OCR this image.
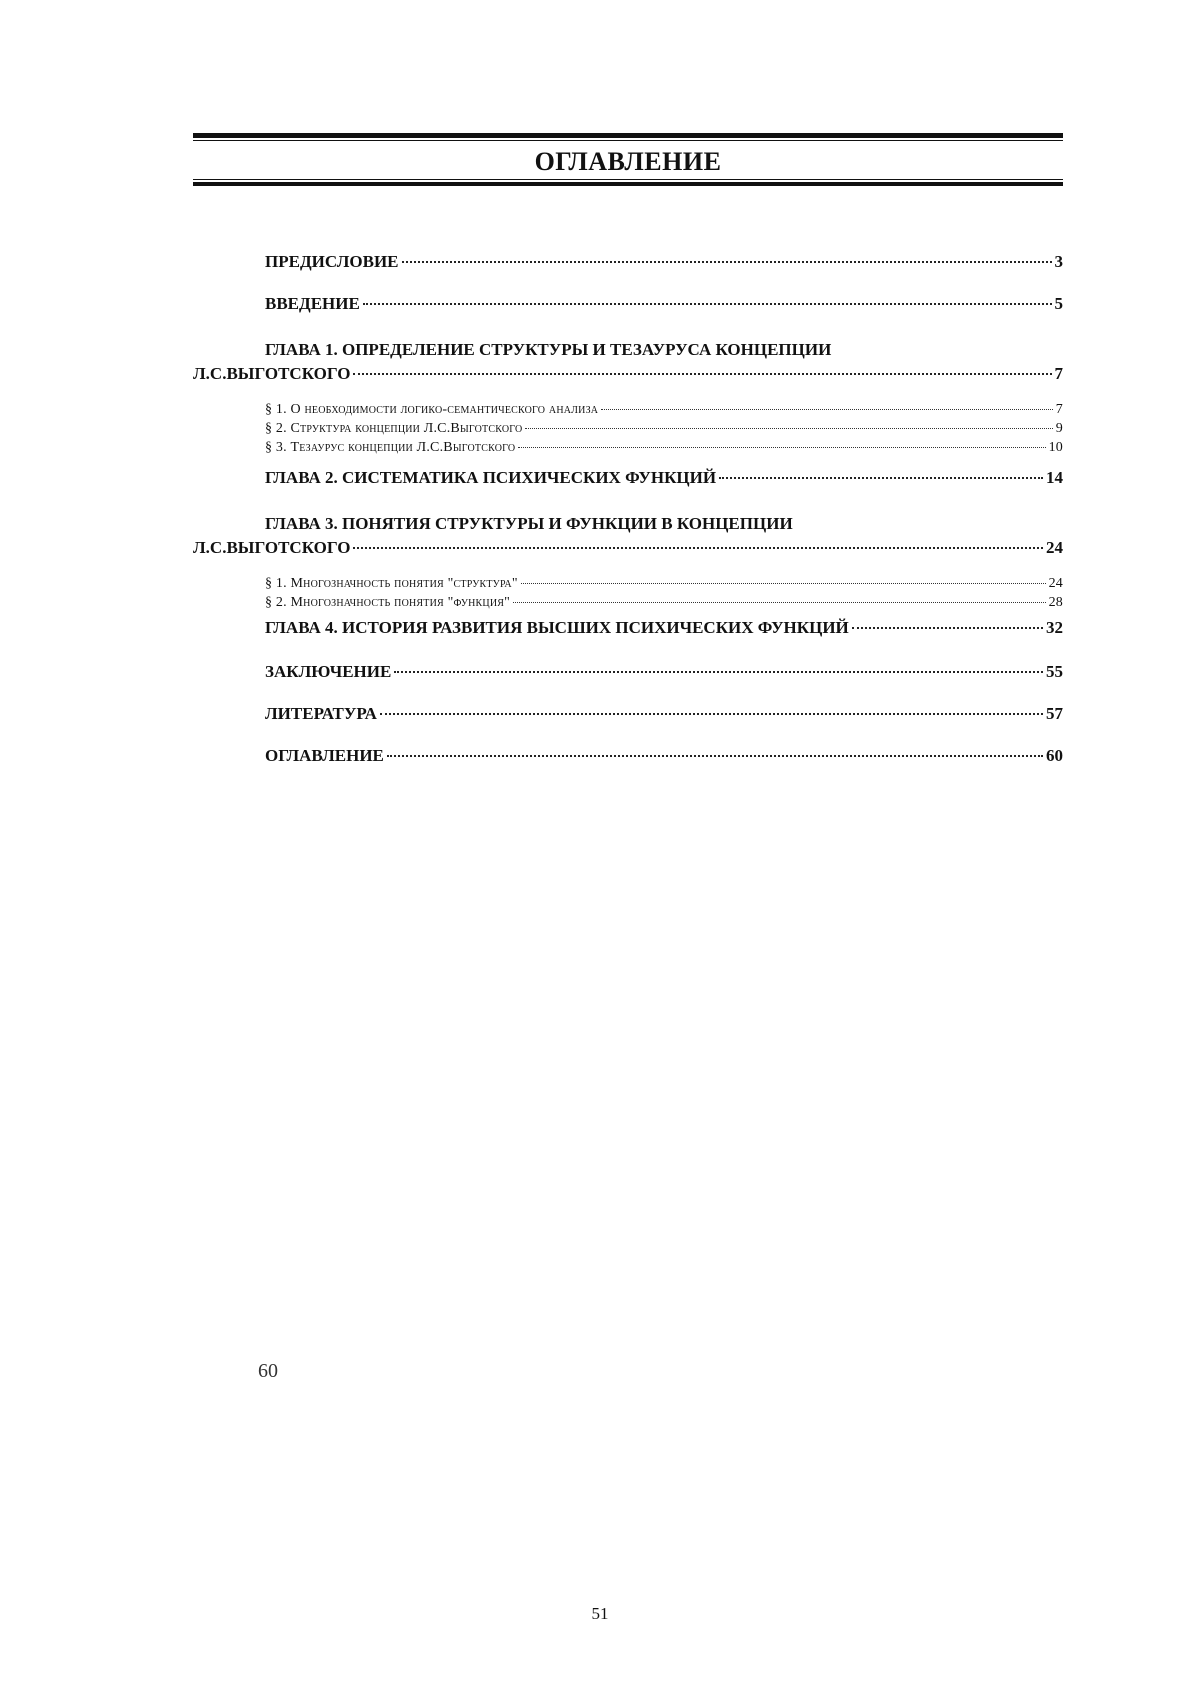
ОГЛАВЛЕНИЕ
ПРЕДИСЛОВИЕ	3
ВВЕДЕНИЕ	5
ГЛАВА 1. ОПРЕДЕЛЕНИЕ СТРУКТУРЫ И ТЕЗАУРУСА КОНЦЕПЦИИ
Л.С.ВЫГОТСКОГО	7
§ 1. О необходимости логико-семантического анализа	7
§ 2. Структура концепции Л.С.Выготского	9
§ 3. Тезаурус концепции Л.С.Выготского	10
ГЛАВА 2. СИСТЕМАТИКА ПСИХИЧЕСКИХ ФУНКЦИЙ	14
ГЛАВА 3. ПОНЯТИЯ СТРУКТУРЫ И ФУНКЦИИ В КОНЦЕПЦИИ
Л.С.ВЫГОТСКОГО	24
§ 1. Многозначность понятия "структура"	24
§ 2. Многозначность понятия "функция"	28
ГЛАВА 4. ИСТОРИЯ РАЗВИТИЯ ВЫСШИХ ПСИХИЧЕСКИХ ФУНКЦИЙ	32
ЗАКЛЮЧЕНИЕ	55
ЛИТЕРАТУРА	57
ОГЛАВЛЕНИЕ	60
60
51
